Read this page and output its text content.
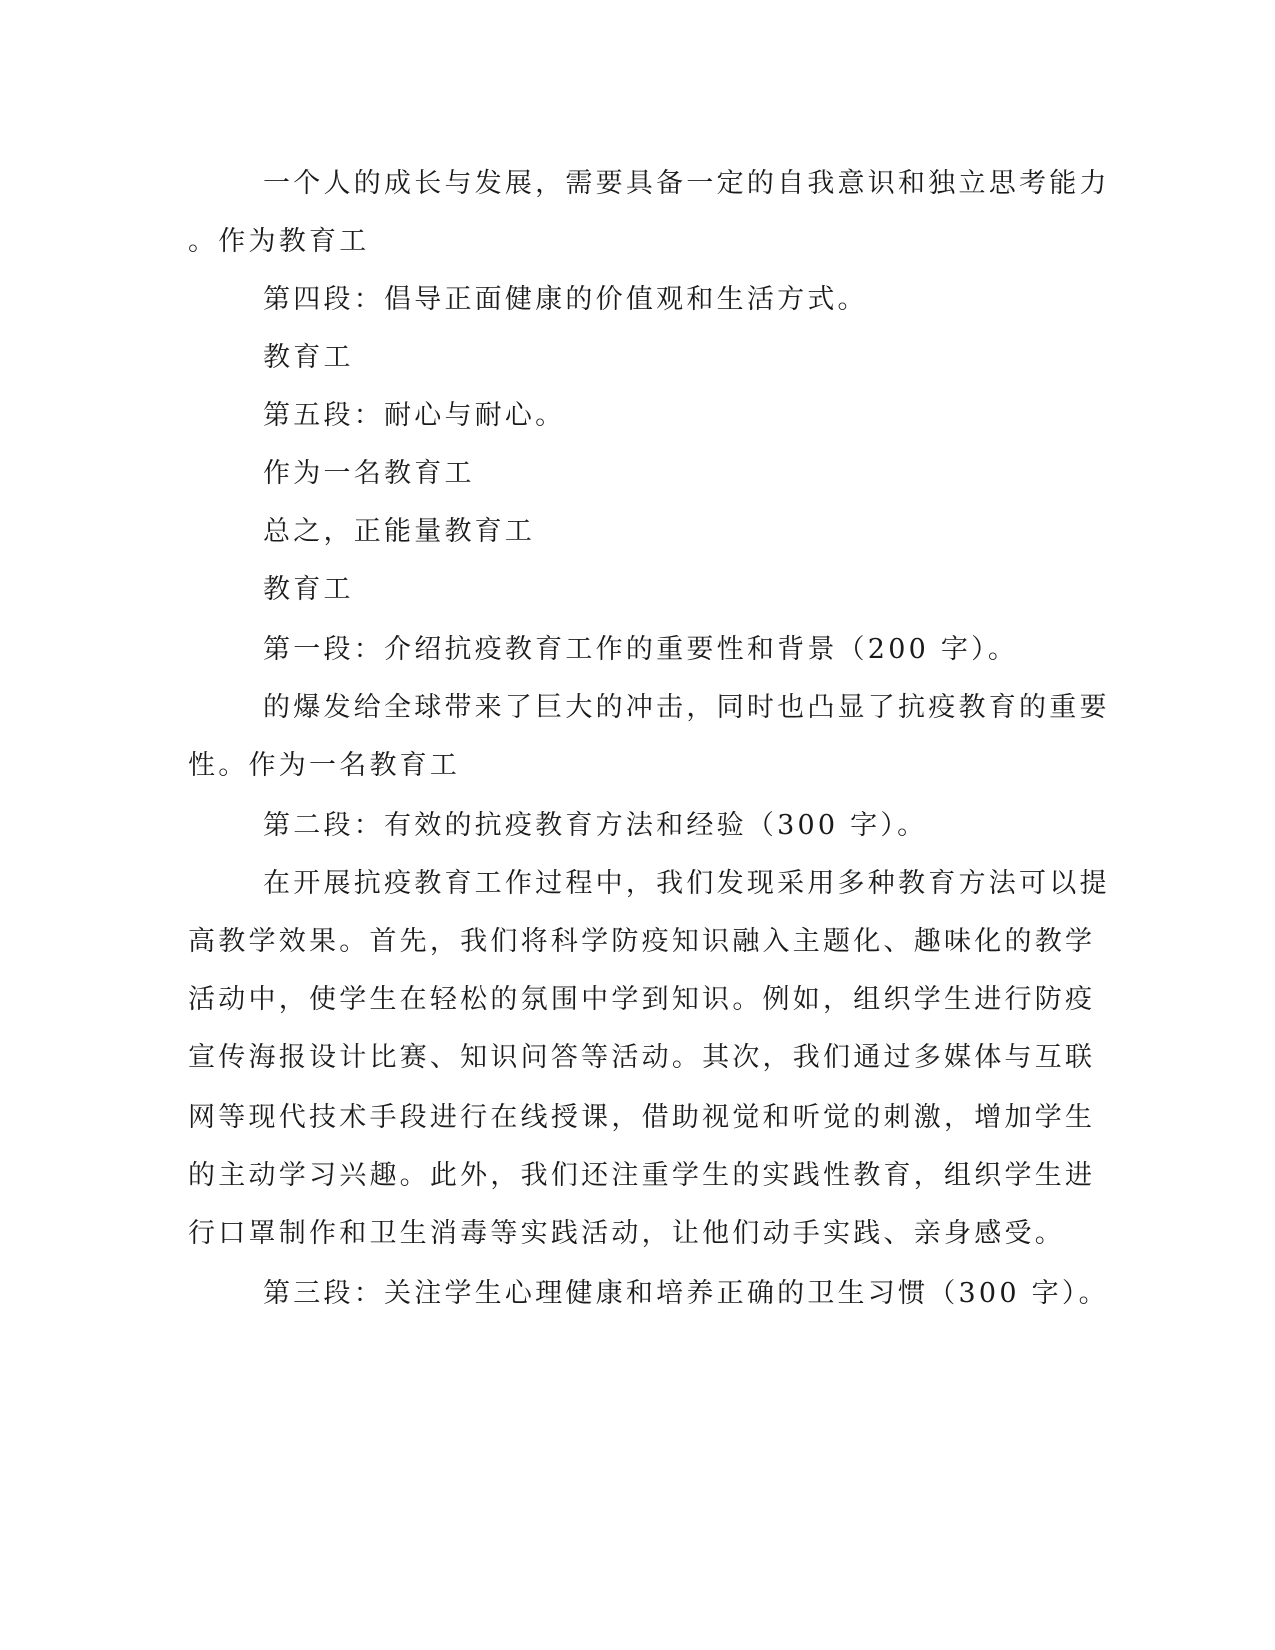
一个人的成长与发展，需要具备一定的自我意识和独立思考能力
。作为教育工
第四段：倡导正面健康的价值观和生活方式。
教育工
第五段：耐心与耐心。
作为一名教育工
总之，正能量教育工
教育工
第一段：介绍抗疫教育工作的重要性和背景（200 字）。
的爆发给全球带来了巨大的冲击，同时也凸显了抗疫教育的重要
性。作为一名教育工
第二段：有效的抗疫教育方法和经验（300 字）。
在开展抗疫教育工作过程中，我们发现采用多种教育方法可以提
高教学效果。首先，我们将科学防疫知识融入主题化、趣味化的教学
活动中，使学生在轻松的氛围中学到知识。例如，组织学生进行防疫
宣传海报设计比赛、知识问答等活动。其次，我们通过多媒体与互联
网等现代技术手段进行在线授课，借助视觉和听觉的刺激，增加学生
的主动学习兴趣。此外，我们还注重学生的实践性教育，组织学生进
行口罩制作和卫生消毒等实践活动，让他们动手实践、亲身感受。
第三段：关注学生心理健康和培养正确的卫生习惯（300 字）。
